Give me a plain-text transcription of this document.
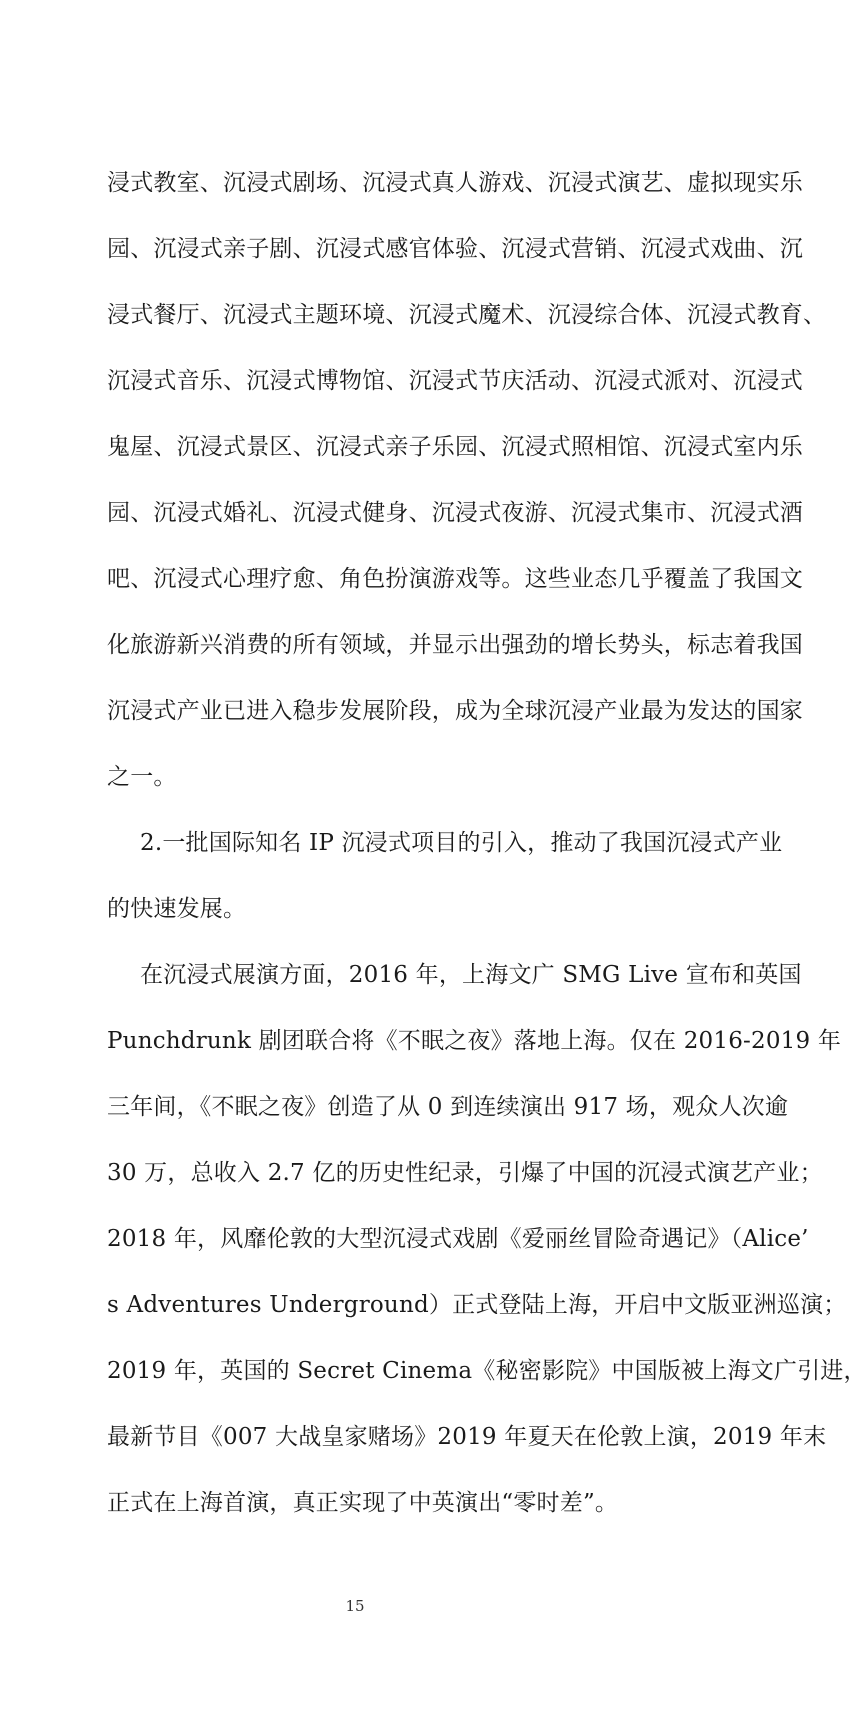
浸式教室、沉浸式剧场、沉浸式真人游戏、沉浸式演艺、虚拟现实乐
园、沉浸式亲子剧、沉浸式感官体验、沉浸式营销、沉浸式戏曲、沉
浸式餐厅、沉浸式主题环境、沉浸式魔术、沉浸综合体、沉浸式教育、
沉浸式音乐、沉浸式博物馆、沉浸式节庆活动、沉浸式派对、沉浸式
鬼屋、沉浸式景区、沉浸式亲子乐园、沉浸式照相馆、沉浸式室内乐
园、沉浸式婚礼、沉浸式健身、沉浸式夜游、沉浸式集市、沉浸式酒
吧、沉浸式心理疗愈、角色扮演游戏等。这些业态几乎覆盖了我国文
化旅游新兴消费的所有领域，并显示出强劲的增长势头，标志着我国
沉浸式产业已进入稳步发展阶段，成为全球沉浸产业最为发达的国家
之一。
2.一批国际知名 IP 沉浸式项目的引入，推动了我国沉浸式产业
的快速发展。
在沉浸式展演方面，2016 年，上海文广 SMG Live 宣布和英国
Punchdrunk 剧团联合将《不眠之夜》落地上海。仅在 2016-2019 年
三年间，《不眠之夜》创造了从 0 到连续演出 917 场，观众人次逾
30 万，总收入 2.7 亿的历史性纪录，引爆了中国的沉浸式演艺产业；
2018 年，风靡伦敦的大型沉浸式戏剧《爱丽丝冒险奇遇记》（Alice’
s Adventures Underground）正式登陆上海，开启中文版亚洲巡演；
2019 年，英国的 Secret Cinema《秘密影院》中国版被上海文广引进，
最新节目《007 大战皇家赌场》2019 年夏天在伦敦上演，2019 年末
正式在上海首演，真正实现了中英演出“零时差”。
15
